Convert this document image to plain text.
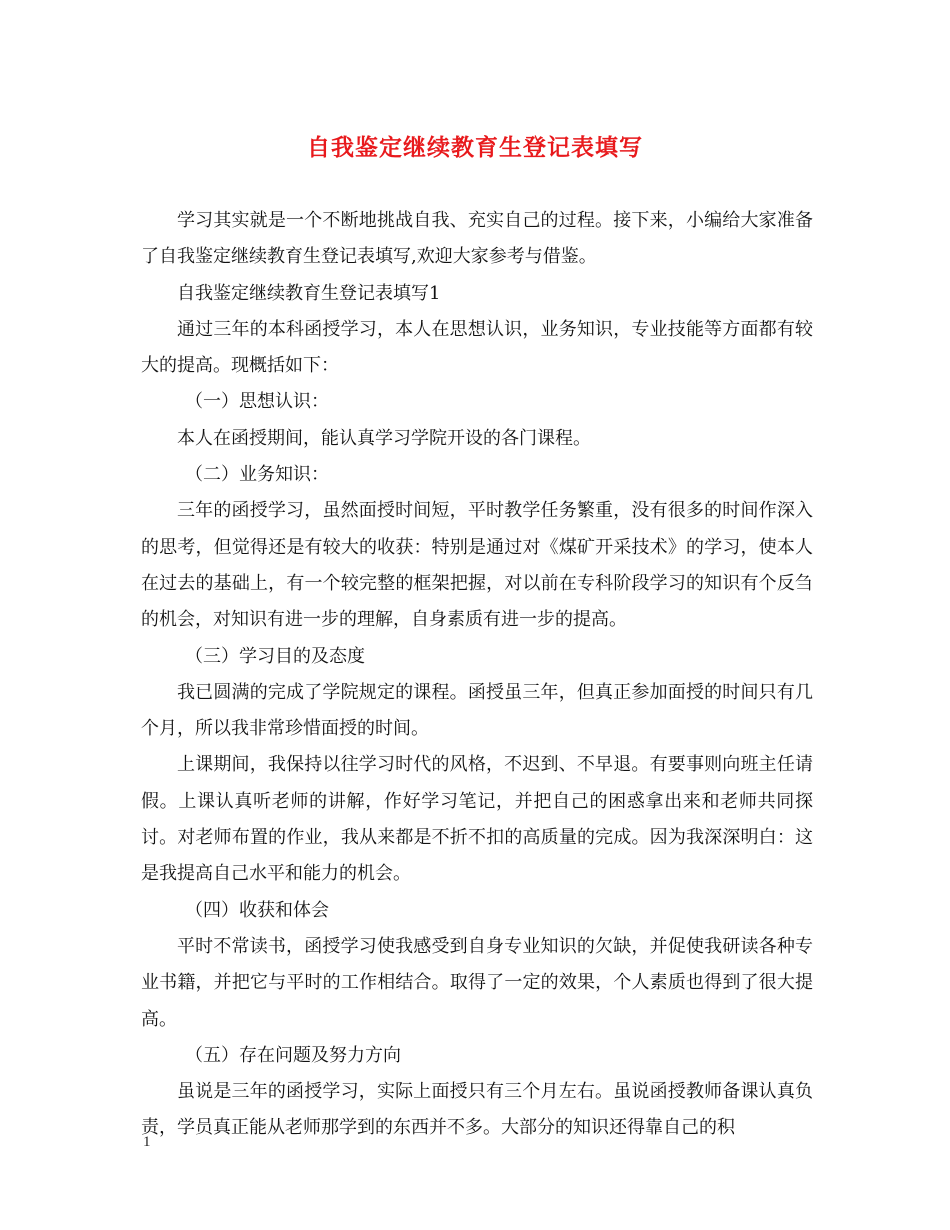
自我鉴定继续教育生登记表填写

学习其实就是一个不断地挑战自我、充实自己的过程。接下来，小编给大家准备了自我鉴定继续教育生登记表填写,欢迎大家参考与借鉴。

自我鉴定继续教育生登记表填写1

通过三年的本科函授学习，本人在思想认识，业务知识，专业技能等方面都有较大的提高。现概括如下：

（一）思想认识：

本人在函授期间，能认真学习学院开设的各门课程。

（二）业务知识：

三年的函授学习，虽然面授时间短，平时教学任务繁重，没有很多的时间作深入的思考，但觉得还是有较大的收获：特别是通过对《煤矿开采技术》的学习，使本人在过去的基础上，有一个较完整的框架把握，对以前在专科阶段学习的知识有个反刍的机会，对知识有进一步的理解，自身素质有进一步的提高。

（三）学习目的及态度

我已圆满的完成了学院规定的课程。函授虽三年，但真正参加面授的时间只有几个月，所以我非常珍惜面授的时间。

上课期间，我保持以往学习时代的风格，不迟到、不早退。有要事则向班主任请假。上课认真听老师的讲解，作好学习笔记，并把自己的困惑拿出来和老师共同探讨。对老师布置的作业，我从来都是不折不扣的高质量的完成。因为我深深明白：这是我提高自己水平和能力的机会。

（四）收获和体会

平时不常读书，函授学习使我感受到自身专业知识的欠缺，并促使我研读各种专业书籍，并把它与平时的工作相结合。取得了一定的效果，个人素质也得到了很大提高。

（五）存在问题及努力方向

虽说是三年的函授学习，实际上面授只有三个月左右。虽说函授教师备课认真负责，学员真正能从老师那学到的东西并不多。大部分的知识还得靠自己的积

1
